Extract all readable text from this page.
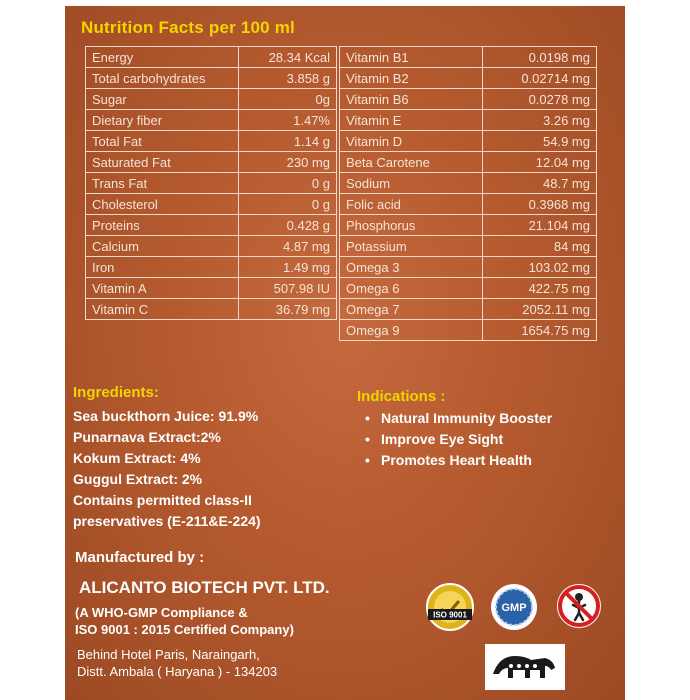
Nutrition Facts per 100 ml
Energy	28.34 Kcal
Total carbohydrates	3.858 g
Sugar	0g
Dietary fiber	1.47%
Total Fat	1.14 g
Saturated Fat	230 mg
Trans Fat	0 g
Cholesterol	0 g
Proteins	0.428 g
Calcium	4.87 mg
Iron	1.49 mg
Vitamin A	507.98 IU
Vitamin C	36.79 mg
Vitamin B1	0.0198 mg
Vitamin B2	0.02714 mg
Vitamin B6	0.0278 mg
Vitamin E	3.26 mg
Vitamin D	54.9 mg
Beta Carotene	12.04 mg
Sodium	48.7 mg
Folic acid	0.3968 mg
Phosphorus	21.104 mg
Potassium	84 mg
Omega 3	103.02 mg
Omega 6	422.75 mg
Omega 7	2052.11 mg
Omega 9	1654.75 mg
Ingredients:
Sea buckthorn Juice: 91.9%
Punarnava Extract:2%
Kokum Extract: 4%
Guggul Extract: 2%
Contains permitted class-II
preservatives (E-211&E-224)
Indications :
• Natural Immunity Booster
• Improve Eye Sight
• Promotes Heart Health
Manufactured by :
ALICANTO BIOTECH PVT. LTD.
(A WHO-GMP Compliance &
ISO 9001 : 2015 Certified Company)
Behind Hotel Paris, Naraingarh,
Distt. Ambala ( Haryana ) - 134203
ISO 9001
GMP
